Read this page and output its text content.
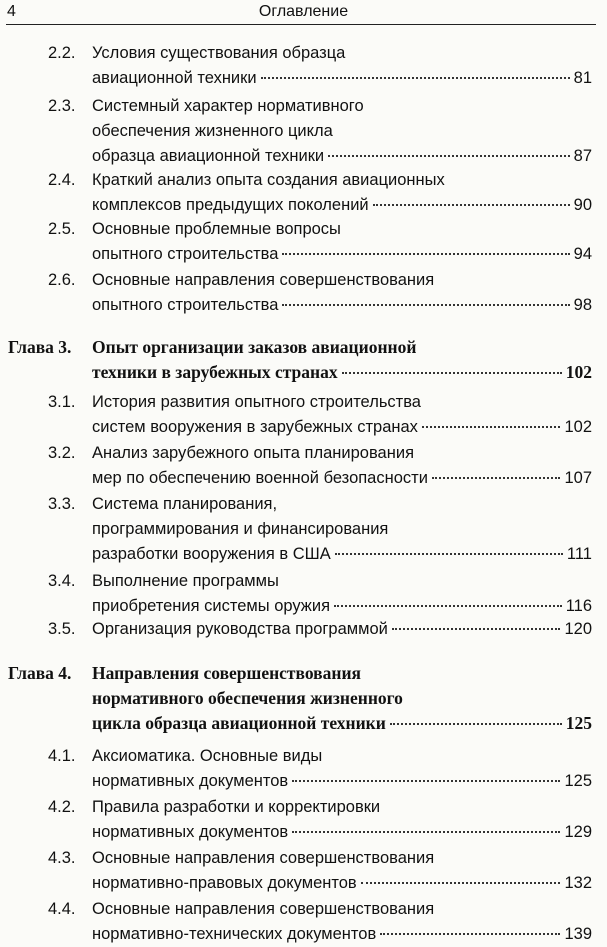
4	Оглавление
2.2. Условия существования образца
авиационной техники	81
2.3. Системный характер нормативного
обеспечения жизненного цикла
образца авиационной техники	87
2.4. Краткий анализ опыта создания авиационных
комплексов предыдущих поколений	90
2.5. Основные проблемные вопросы
опытного строительства	94
2.6. Основные направления совершенствования
опытного строительства	98
Глава 3. Опыт организации заказов авиационной
техники в зарубежных странах	102
3.1. История развития опытного строительства
систем вооружения в зарубежных странах	102
3.2. Анализ зарубежного опыта планирования
мер по обеспечению военной безопасности	107
3.3. Система планирования,
программирования и финансирования
разработки вооружения в США	111
3.4. Выполнение программы
приобретения системы оружия	116
3.5. Организация руководства программой	120
Глава 4. Направления совершенствования
нормативного обеспечения жизненного
цикла образца авиационной техники	125
4.1. Аксиоматика. Основные виды
нормативных документов	125
4.2. Правила разработки и корректировки
нормативных документов	129
4.3. Основные направления совершенствования
нормативно-правовых документов	132
4.4. Основные направления совершенствования
нормативно-технических документов	139
